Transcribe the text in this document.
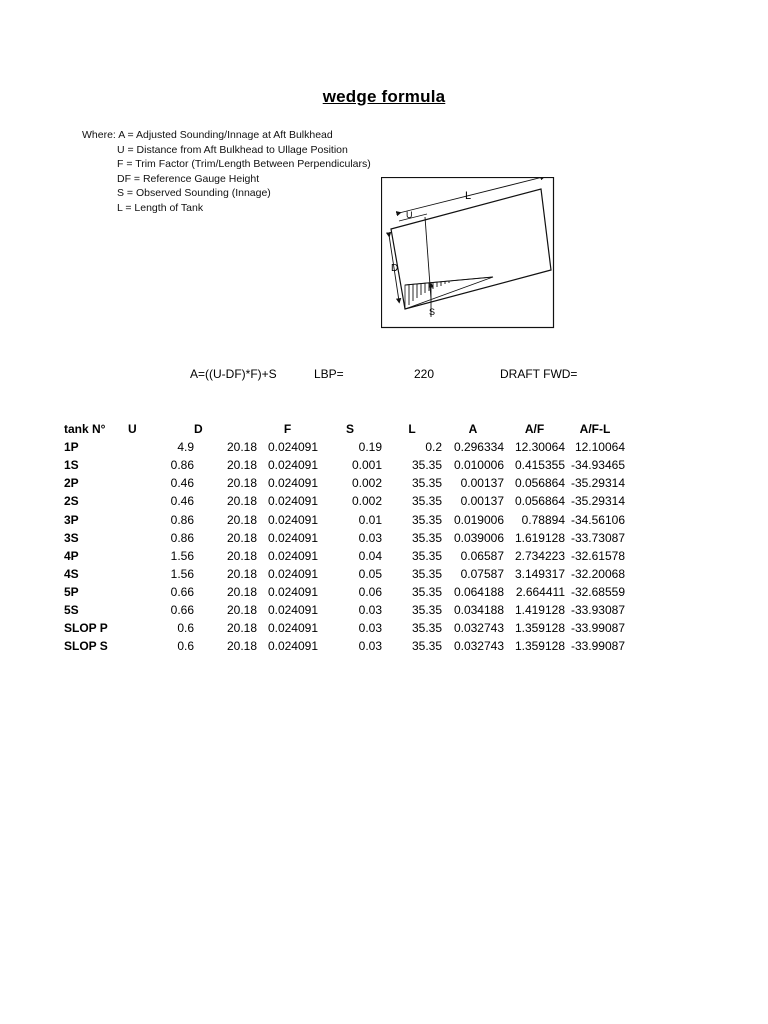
wedge formula
Where: A = Adjusted Sounding/Innage at Aft Bulkhead
U = Distance from Aft Bulkhead to Ullage Position
F = Trim Factor (Trim/Length Between Perpendiculars)
DF = Reference Gauge Height
S = Observed Sounding (Innage)
L = Length of Tank
L
U
D
S
A=((U-DF)*F)+S	LBP=	220	DRAFT FWD=
tank N°	U	D	F	S	L	A	A/F	A/F-L
1P	4.9	20.18	0.024091	0.19	0.2	0.296334	12.30064	12.10064
1S	0.86	20.18	0.024091	0.001	35.35	0.010006	0.415355	-34.93465
2P	0.46	20.18	0.024091	0.002	35.35	0.00137	0.056864	-35.29314
2S	0.46	20.18	0.024091	0.002	35.35	0.00137	0.056864	-35.29314
3P	0.86	20.18	0.024091	0.01	35.35	0.019006	0.78894	-34.56106
3S	0.86	20.18	0.024091	0.03	35.35	0.039006	1.619128	-33.73087
4P	1.56	20.18	0.024091	0.04	35.35	0.06587	2.734223	-32.61578
4S	1.56	20.18	0.024091	0.05	35.35	0.07587	3.149317	-32.20068
5P	0.66	20.18	0.024091	0.06	35.35	0.064188	2.664411	-32.68559
5S	0.66	20.18	0.024091	0.03	35.35	0.034188	1.419128	-33.93087
SLOP P	0.6	20.18	0.024091	0.03	35.35	0.032743	1.359128	-33.99087
SLOP S	0.6	20.18	0.024091	0.03	35.35	0.032743	1.359128	-33.99087
